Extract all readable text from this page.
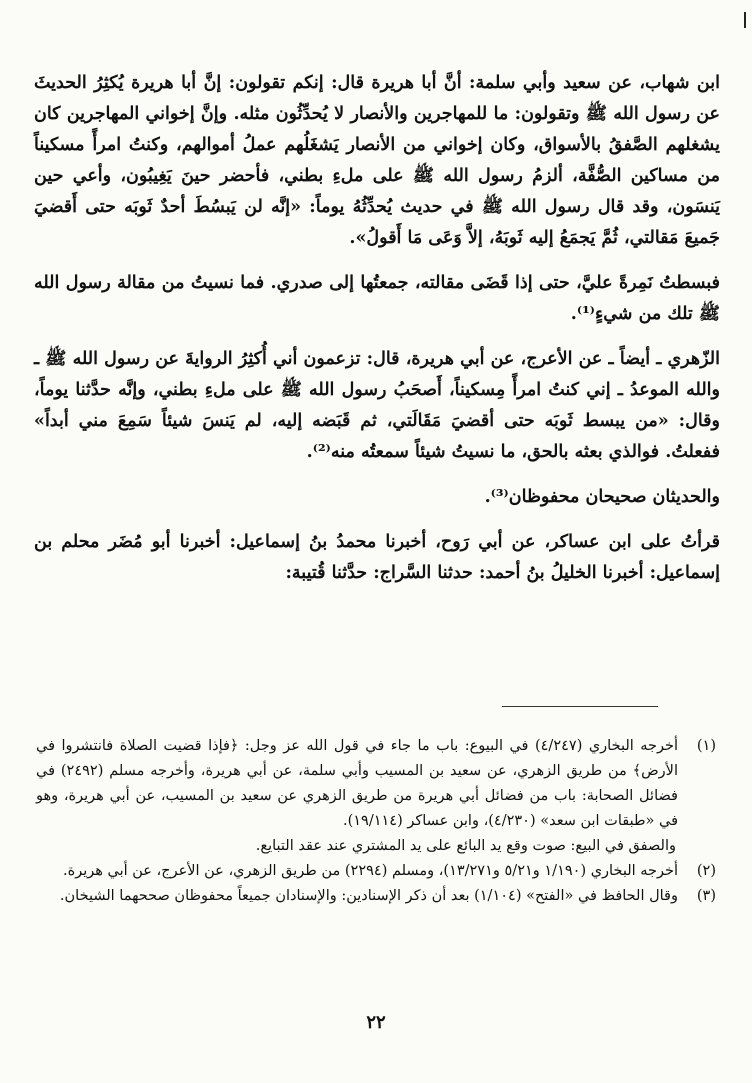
ابن شهاب، عن سعيد وأبي سلمة: أنَّ أبا هريرة قال: إنكم تقولون: إنَّ أبا هريرة يُكثِرُ الحديثَ عن رسول الله ﷺ وتقولون: ما للمهاجرين والأنصار لا يُحدِّثُون مثله. وإنَّ إخواني المهاجرين كان يشغلهم الصَّفقُ بالأسواق، وكان إخواني من الأنصار يَشغَلُهم عملُ أموالهم، وكنتُ امرأً مسكيناً من مساكين الصُّفَّة، ألزمُ رسول الله ﷺ على ملءِ بطني، فأحضر حينَ يَغِيبُون، وأعي حين يَنسَون، وقد قال رسول الله ﷺ في حديث يُحدِّثُهُ يوماً: «إنَّه لن يَبسُطَ أحدٌ ثَوبَه حتى أَقضيَ جَميعَ مَقالتي، ثُمَّ يَجمَعُ إليه ثَوبَهُ، إلاَّ وَعَى مَا أَقولُ».

فبسطتُ نَمِرةً عليَّ، حتى إذا قَضَى مقالته، جمعتُها إلى صدري. فما نسيتُ من مقالة رسول الله ﷺ تلك من شيءٍ⁽¹⁾.

الزّهري ـ أيضاً ـ عن الأعرج، عن أبي هريرة، قال: تزعمون أني أُكثِرُ الروايةَ عن رسول الله ﷺ ـ والله الموعدُ ـ إني كنتُ امرأً مِسكيناً، أَصحَبُ رسول الله ﷺ على ملءِ بطني، وإنَّه حدَّثنا يوماً، وقال: «من يبسط ثَوبَه حتى أقضيَ مَقَالَتي، ثم قَبَضه إليه، لم يَنسَ شيئاً سَمِعَ مني أبداً» ففعلتُ. فوالذي بعثه بالحق، ما نسيتُ شيئاً سمعتُه منه⁽²⁾.

والحديثان صحيحان محفوظان⁽³⁾.

قرأتُ على ابن عساكر، عن أبي رَوح، أخبرنا محمدُ بنُ إسماعيل: أخبرنا أبو مُضَر محلم بن إسماعيل: أخبرنا الخليلُ بنُ أحمد: حدثنا السَّراج: حدَّثنا قُتيبة:

(١)
أخرجه البخاري (٤/٢٤٧) في البيوع: باب ما جاء في قول الله عز وجل: ﴿فإذا قضيت الصلاة فانتشروا في الأرض﴾ من طريق الزهري، عن سعيد بن المسيب وأبي سلمة، عن أبي هريرة، وأخرجه مسلم (٢٤٩٢) في فضائل الصحابة: باب من فضائل أبي هريرة من طريق الزهري عن سعيد بن المسيب، عن أبي هريرة، وهو في «طبقات ابن سعد» (٤/٢٣٠)، وابن عساكر (١٩/١١٤).
والصفق في البيع: صوت وقع يد البائع على يد المشتري عند عقد التبايع.
(٢)
أخرجه البخاري (١/١٩٠ و٥/٢١ و١٣/٢٧١)، ومسلم (٢٢٩٤) من طريق الزهري، عن الأعرج، عن أبي هريرة.
(٣)
وقال الحافظ في «الفتح» (١/١٠٤) بعد أن ذكر الإسنادين: والإسنادان جميعاً محفوظان صححهما الشيخان.
٢٢
